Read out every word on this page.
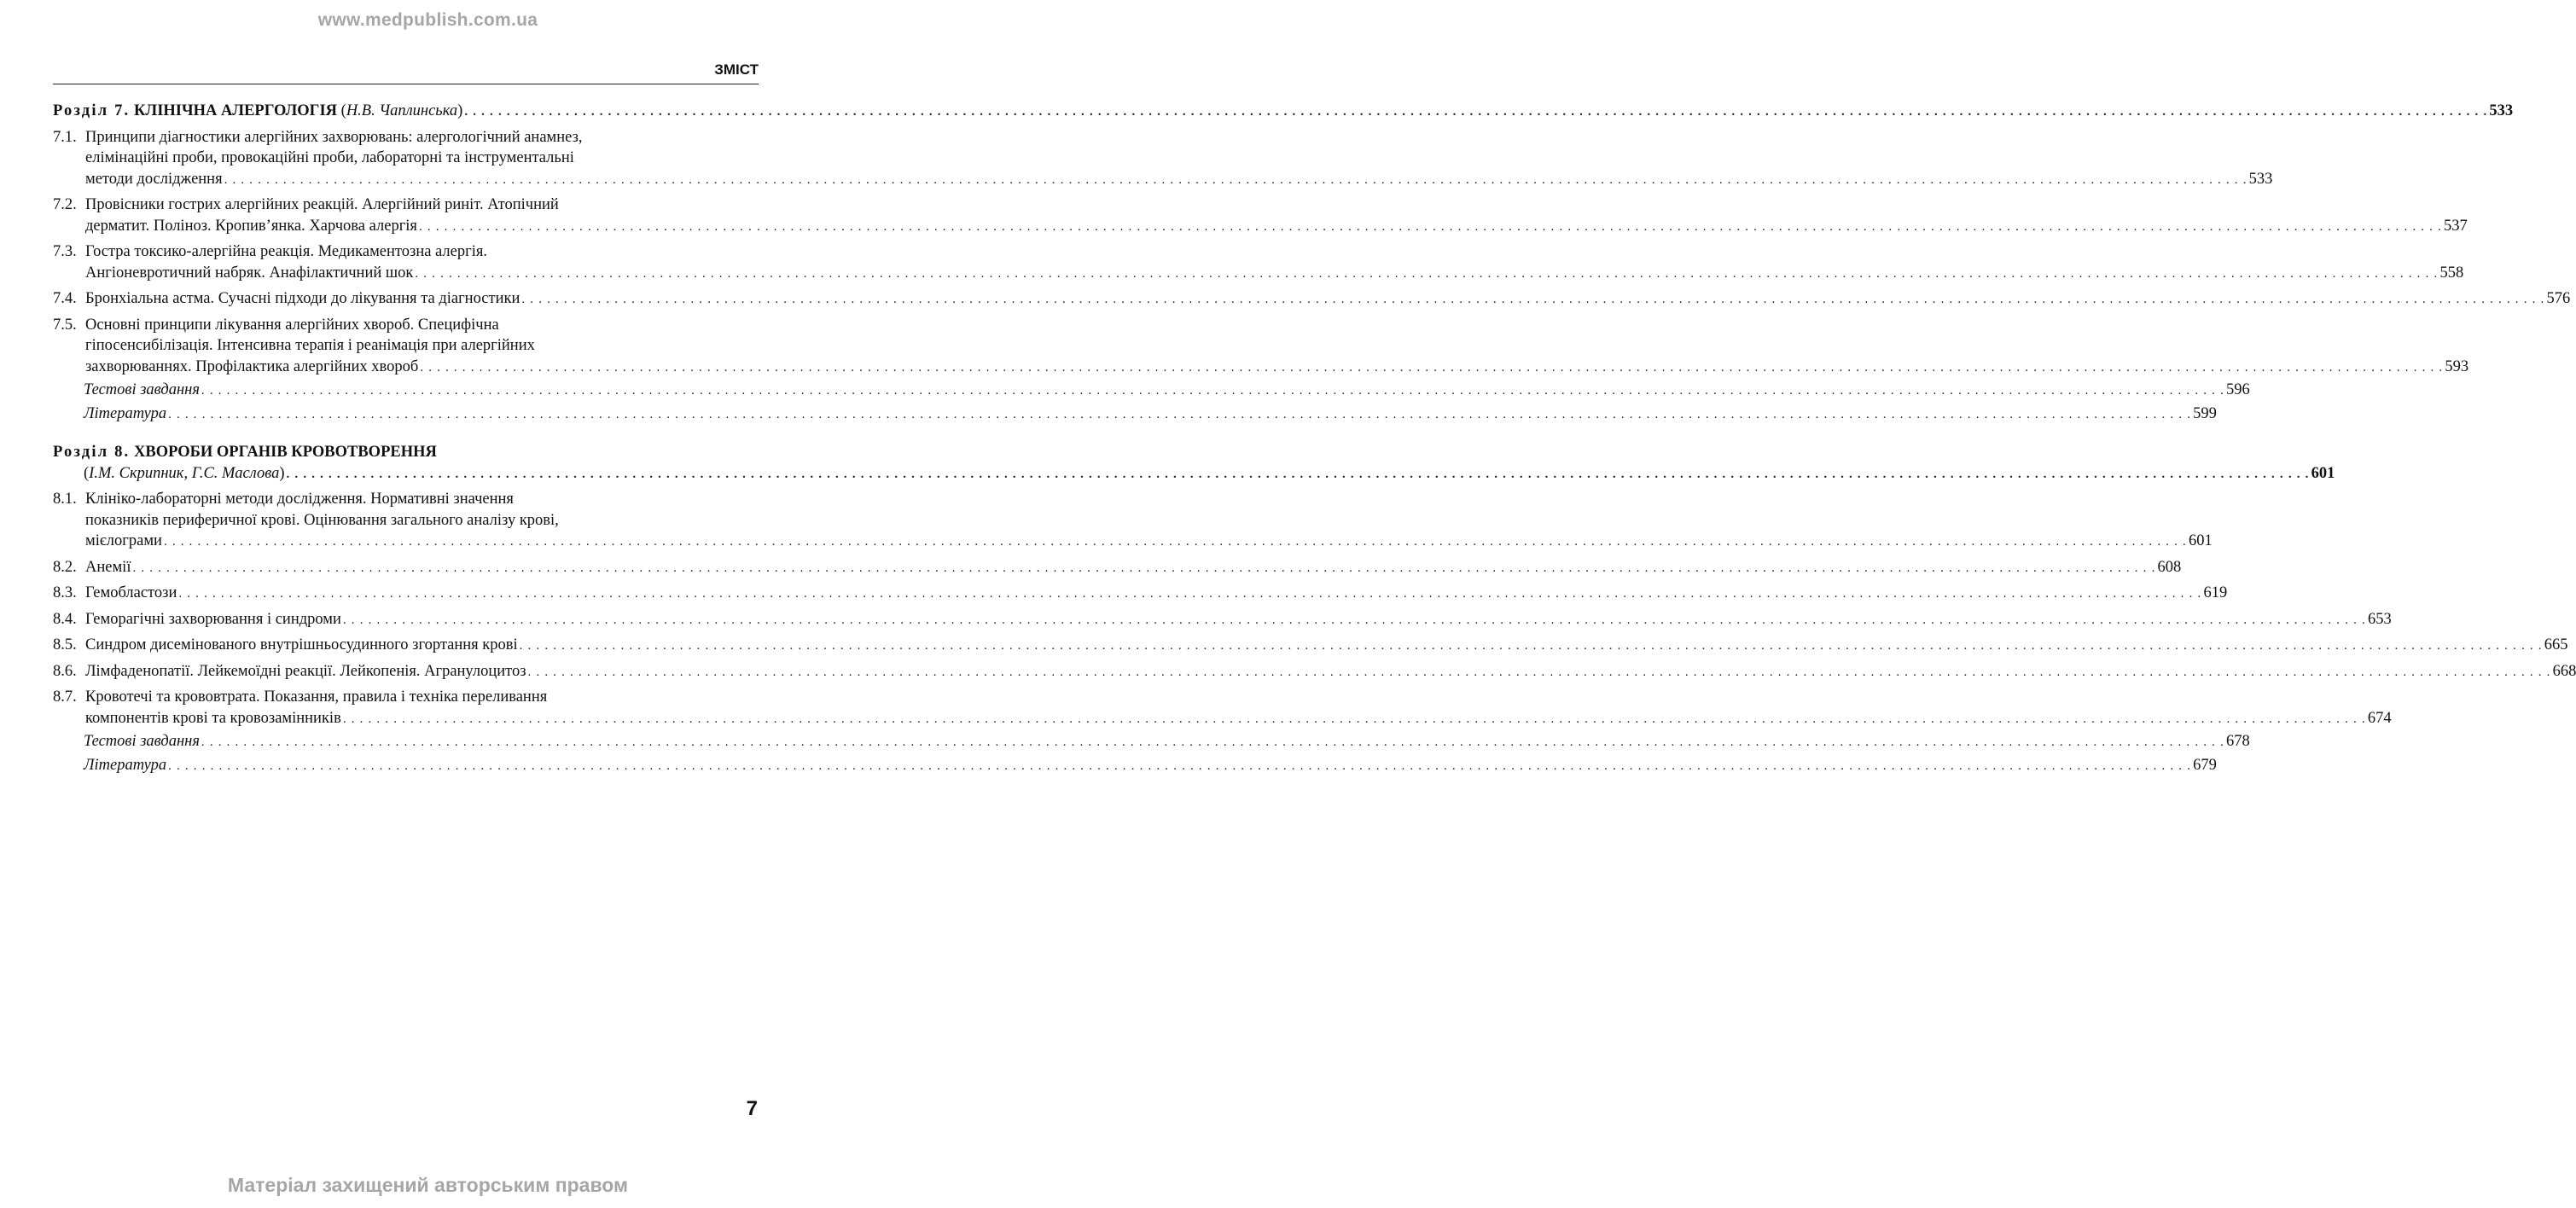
www.medpublish.com.ua
ЗМІСТ
Розділ 7. КЛІНІЧНА АЛЕРГОЛОГІЯ (Н.В. Чаплинська) . . .	533
7.1. Принципи діагностики алергійних захворювань: алергологічний анамнез,
елімінаційні проби, провокаційні проби, лабораторні та інструментальні
методи дослідження . . .	533
7.2. Провісники гострих алергійних реакцій. Алергійний риніт. Атопічний
дерматит. Поліноз. Кропив’янка. Харчова алергія . . .	537
7.3. Гостра токсико-алергійна реакція. Медикаментозна алергія.
Ангіоневротичний набряк. Анафілактичний шок . . .	558
7.4. Бронхіальна астма. Сучасні підходи до лікування та діагностики . . .	576
7.5. Основні принципи лікування алергійних хвороб. Специфічна
гіпосенсибілізація. Інтенсивна терапія і реанімація при алергійних
захворюваннях. Профілактика алергійних хвороб . . .	593
Тестові завдання . . .	596
Література . . .	599
Розділ 8. ХВОРОБИ ОРГАНІВ КРОВОТВОРЕННЯ
(І.М. Скрипник, Г.С. Маслова) . . .	601
8.1. Клініко-лабораторні методи дослідження. Нормативні значення
показників периферичної крові. Оцінювання загального аналізу крові,
мієлограми . . .	601
8.2. Анемії . . .	608
8.3. Гемобластози . . .	619
8.4. Геморагічні захворювання і синдроми . . .	653
8.5. Синдром дисемінованого внутрішньосудинного згортання крові . . .	665
8.6. Лімфаденопатії. Лейкемоїдні реакції. Лейкопенія. Агранулоцитоз . . .	668
8.7. Кровотечі та крововтрата. Показання, правила і техніка переливання
компонентів крові та кровозамінників . . .	674
Тестові завдання . . .	678
Література . . .	679
7
Матеріал захищений авторським правом
